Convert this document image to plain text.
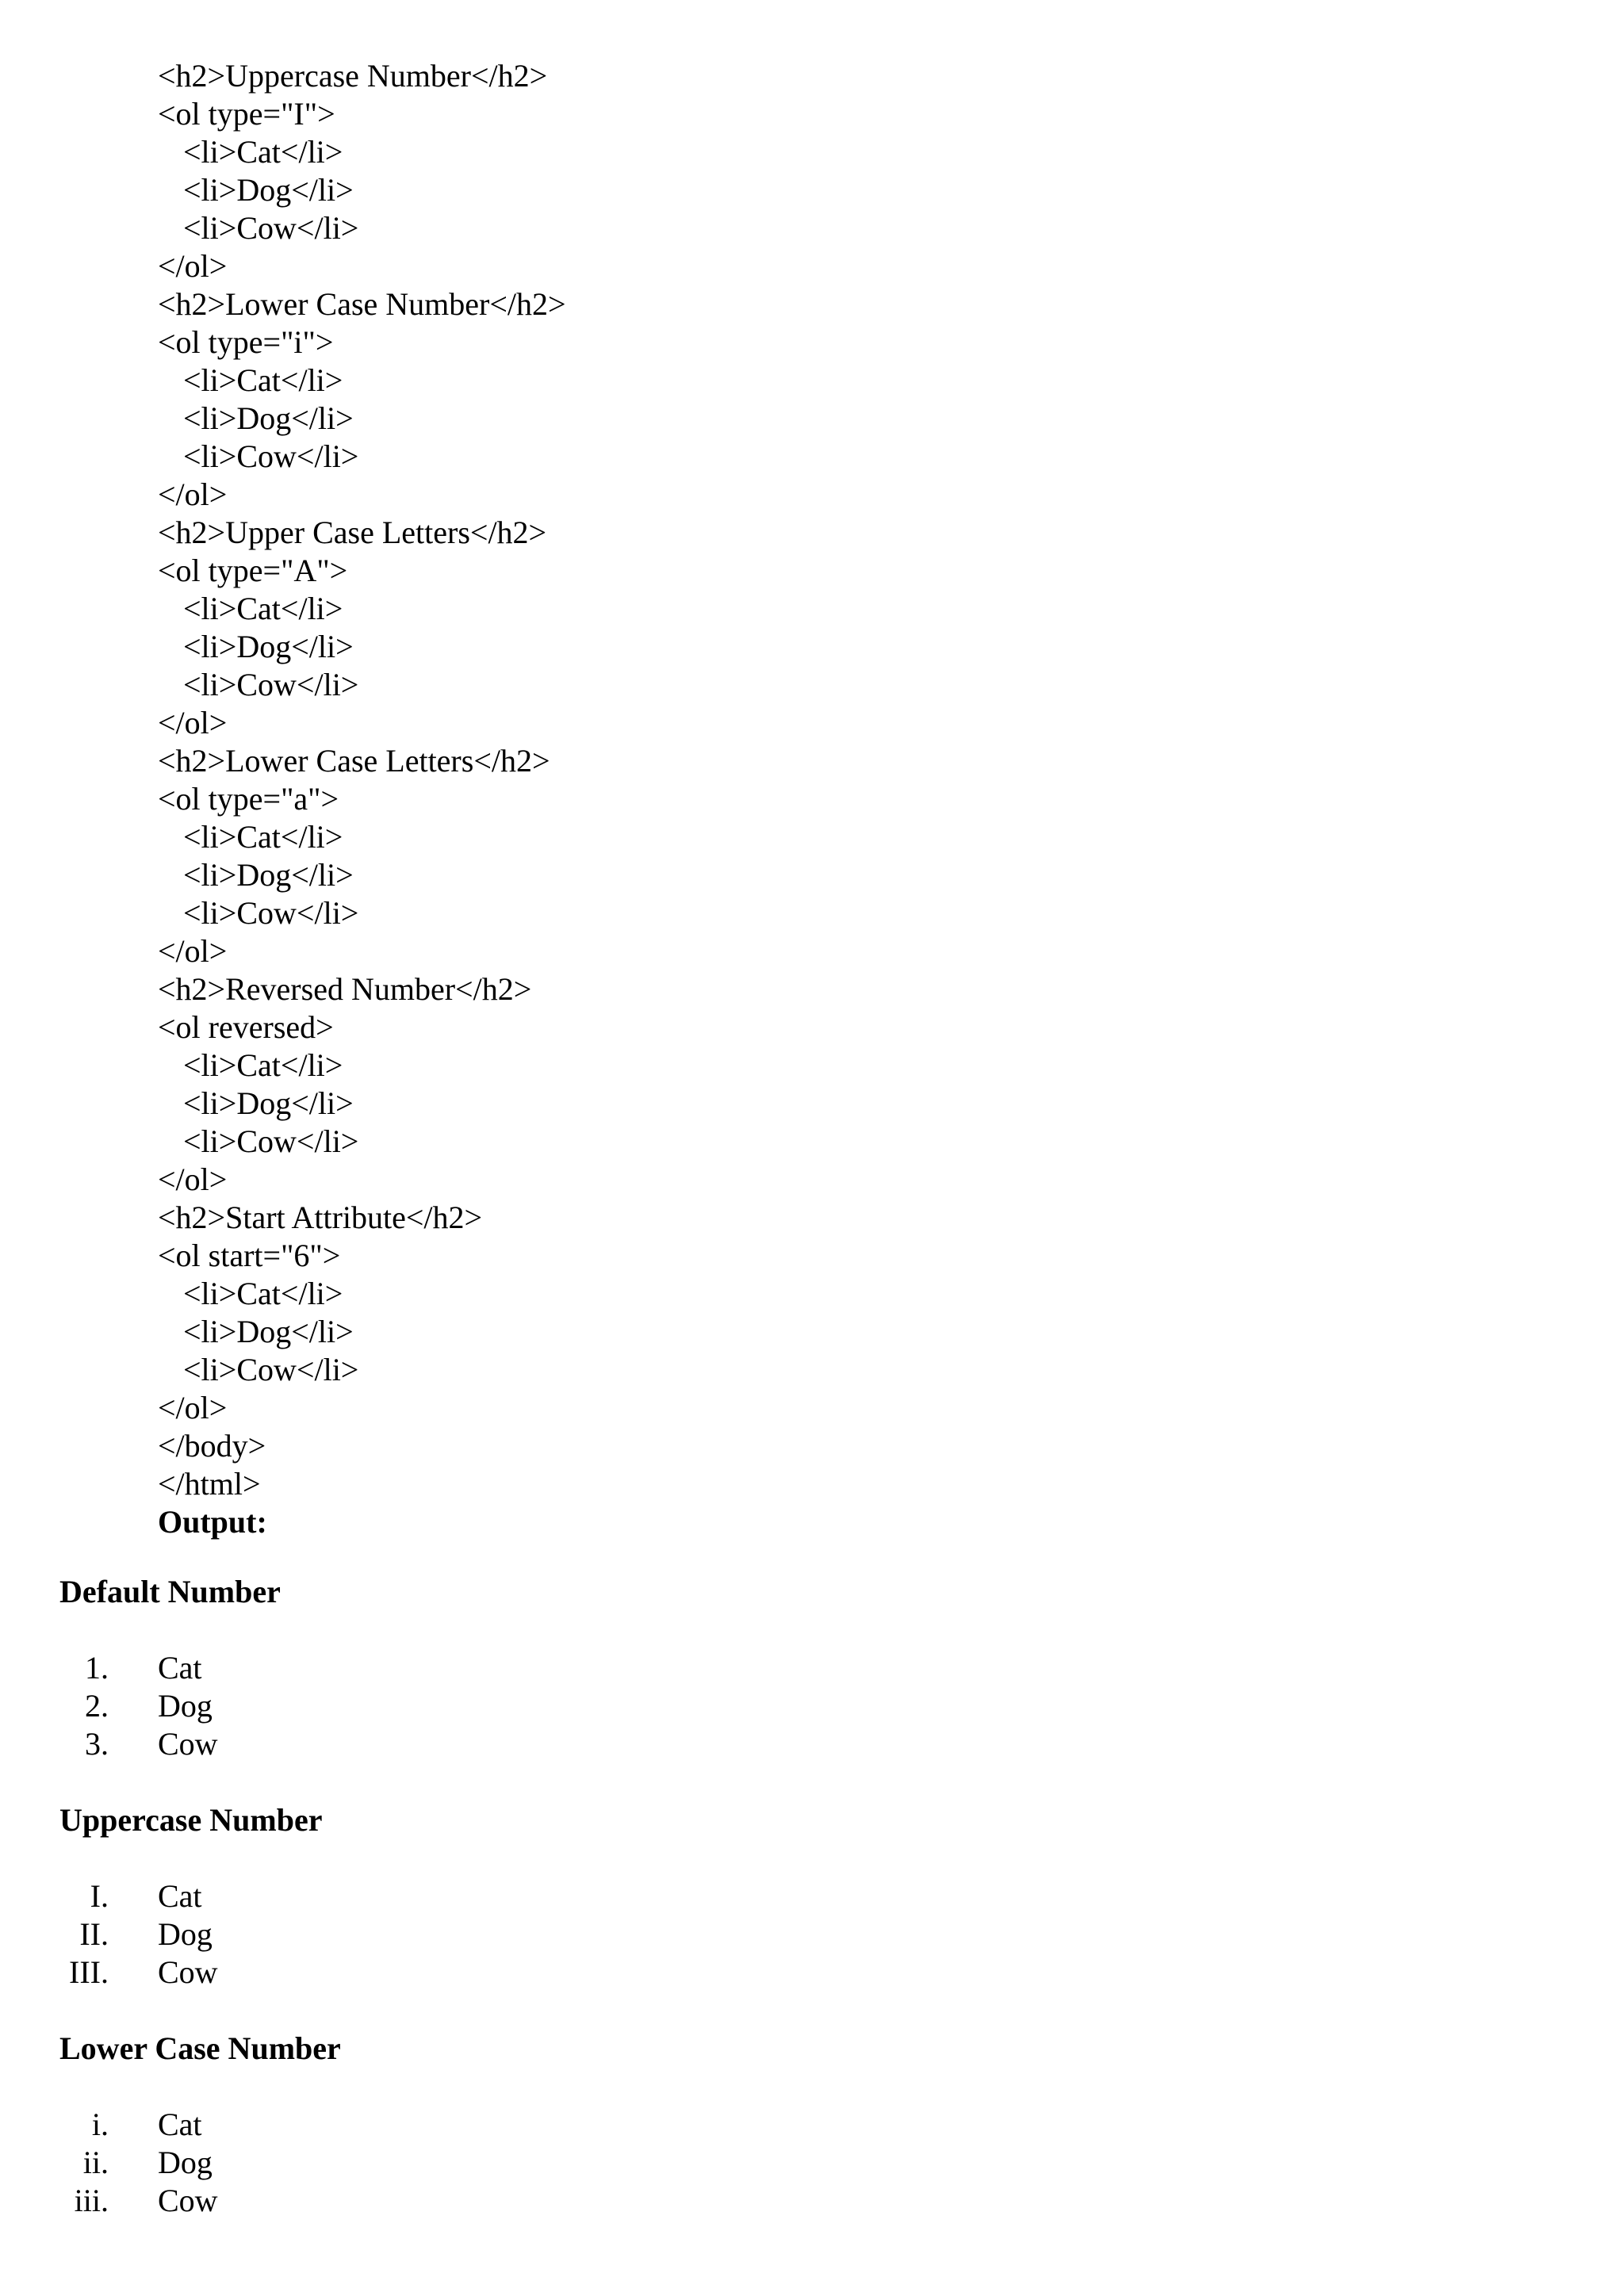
<h2>Uppercase Number</h2>
<ol type="I">
<li>Cat</li>
<li>Dog</li>
<li>Cow</li>
</ol>
<h2>Lower Case Number</h2>
<ol type="i">
<li>Cat</li>
<li>Dog</li>
<li>Cow</li>
</ol>
<h2>Upper Case Letters</h2>
<ol type="A">
<li>Cat</li>
<li>Dog</li>
<li>Cow</li>
</ol>
<h2>Lower Case Letters</h2>
<ol type="a">
<li>Cat</li>
<li>Dog</li>
<li>Cow</li>
</ol>
<h2>Reversed Number</h2>
<ol reversed>
<li>Cat</li>
<li>Dog</li>
<li>Cow</li>
</ol>
<h2>Start Attribute</h2>
<ol start="6">
<li>Cat</li>
<li>Dog</li>
<li>Cow</li>
</ol>
</body>
</html>
Output:
Default Number
1. Cat
2. Dog
3. Cow
Uppercase Number
I. Cat
II. Dog
III. Cow
Lower Case Number
i. Cat
ii. Dog
iii. Cow
